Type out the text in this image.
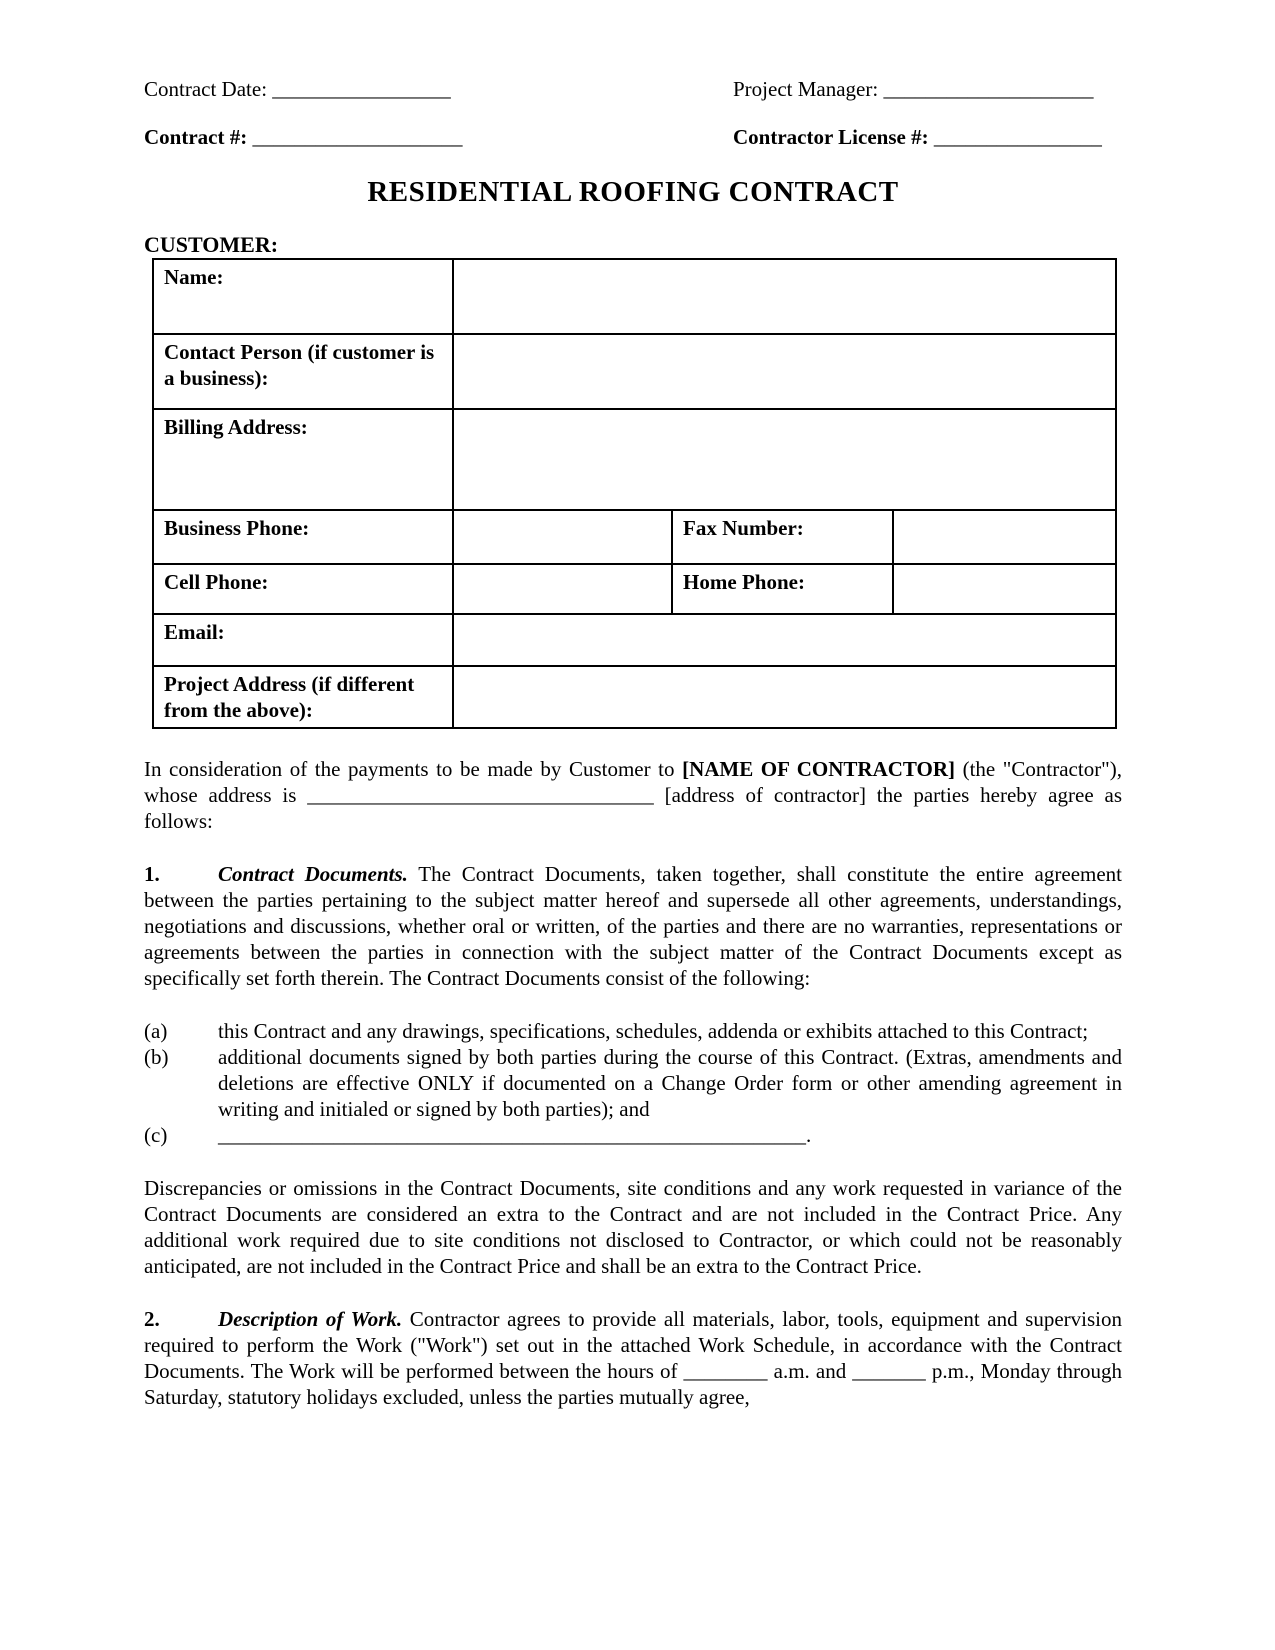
Contract Date: _________________	Project Manager: ____________________
Contract #: ____________________	Contractor License #: ________________
RESIDENTIAL ROOFING CONTRACT
CUSTOMER:
Name:			
Contact Person (if customer is a business):			
Billing Address:			
Business Phone:		Fax Number:	
Cell Phone:		Home Phone:	
Email:			
Project Address (if different from the above):			

In consideration of the payments to be made by Customer to [NAME OF CONTRACTOR] (the "Contractor"), whose address is _________________________________ [address of contractor] the parties hereby agree as follows:

1.	Contract Documents. The Contract Documents, taken together, shall constitute the entire agreement between the parties pertaining to the subject matter hereof and supersede all other agreements, understandings, negotiations and discussions, whether oral or written, of the parties and there are no warranties, representations or agreements between the parties in connection with the subject matter of the Contract Documents except as specifically set forth therein. The Contract Documents consist of the following:

(a) this Contract and any drawings, specifications, schedules, addenda or exhibits attached to this Contract;
(b) additional documents signed by both parties during the course of this Contract. (Extras, amendments and deletions are effective ONLY if documented on a Change Order form or other amending agreement in writing and initialed or signed by both parties); and
(c) ________________________________________________________.

Discrepancies or omissions in the Contract Documents, site conditions and any work requested in variance of the Contract Documents are considered an extra to the Contract and are not included in the Contract Price. Any additional work required due to site conditions not disclosed to Contractor, or which could not be reasonably anticipated, are not included in the Contract Price and shall be an extra to the Contract Price.

2.	Description of Work. Contractor agrees to provide all materials, labor, tools, equipment and supervision required to perform the Work ("Work") set out in the attached Work Schedule, in accordance with the Contract Documents. The Work will be performed between the hours of ________ a.m. and _______ p.m., Monday through Saturday, statutory holidays excluded, unless the parties mutually agree,
